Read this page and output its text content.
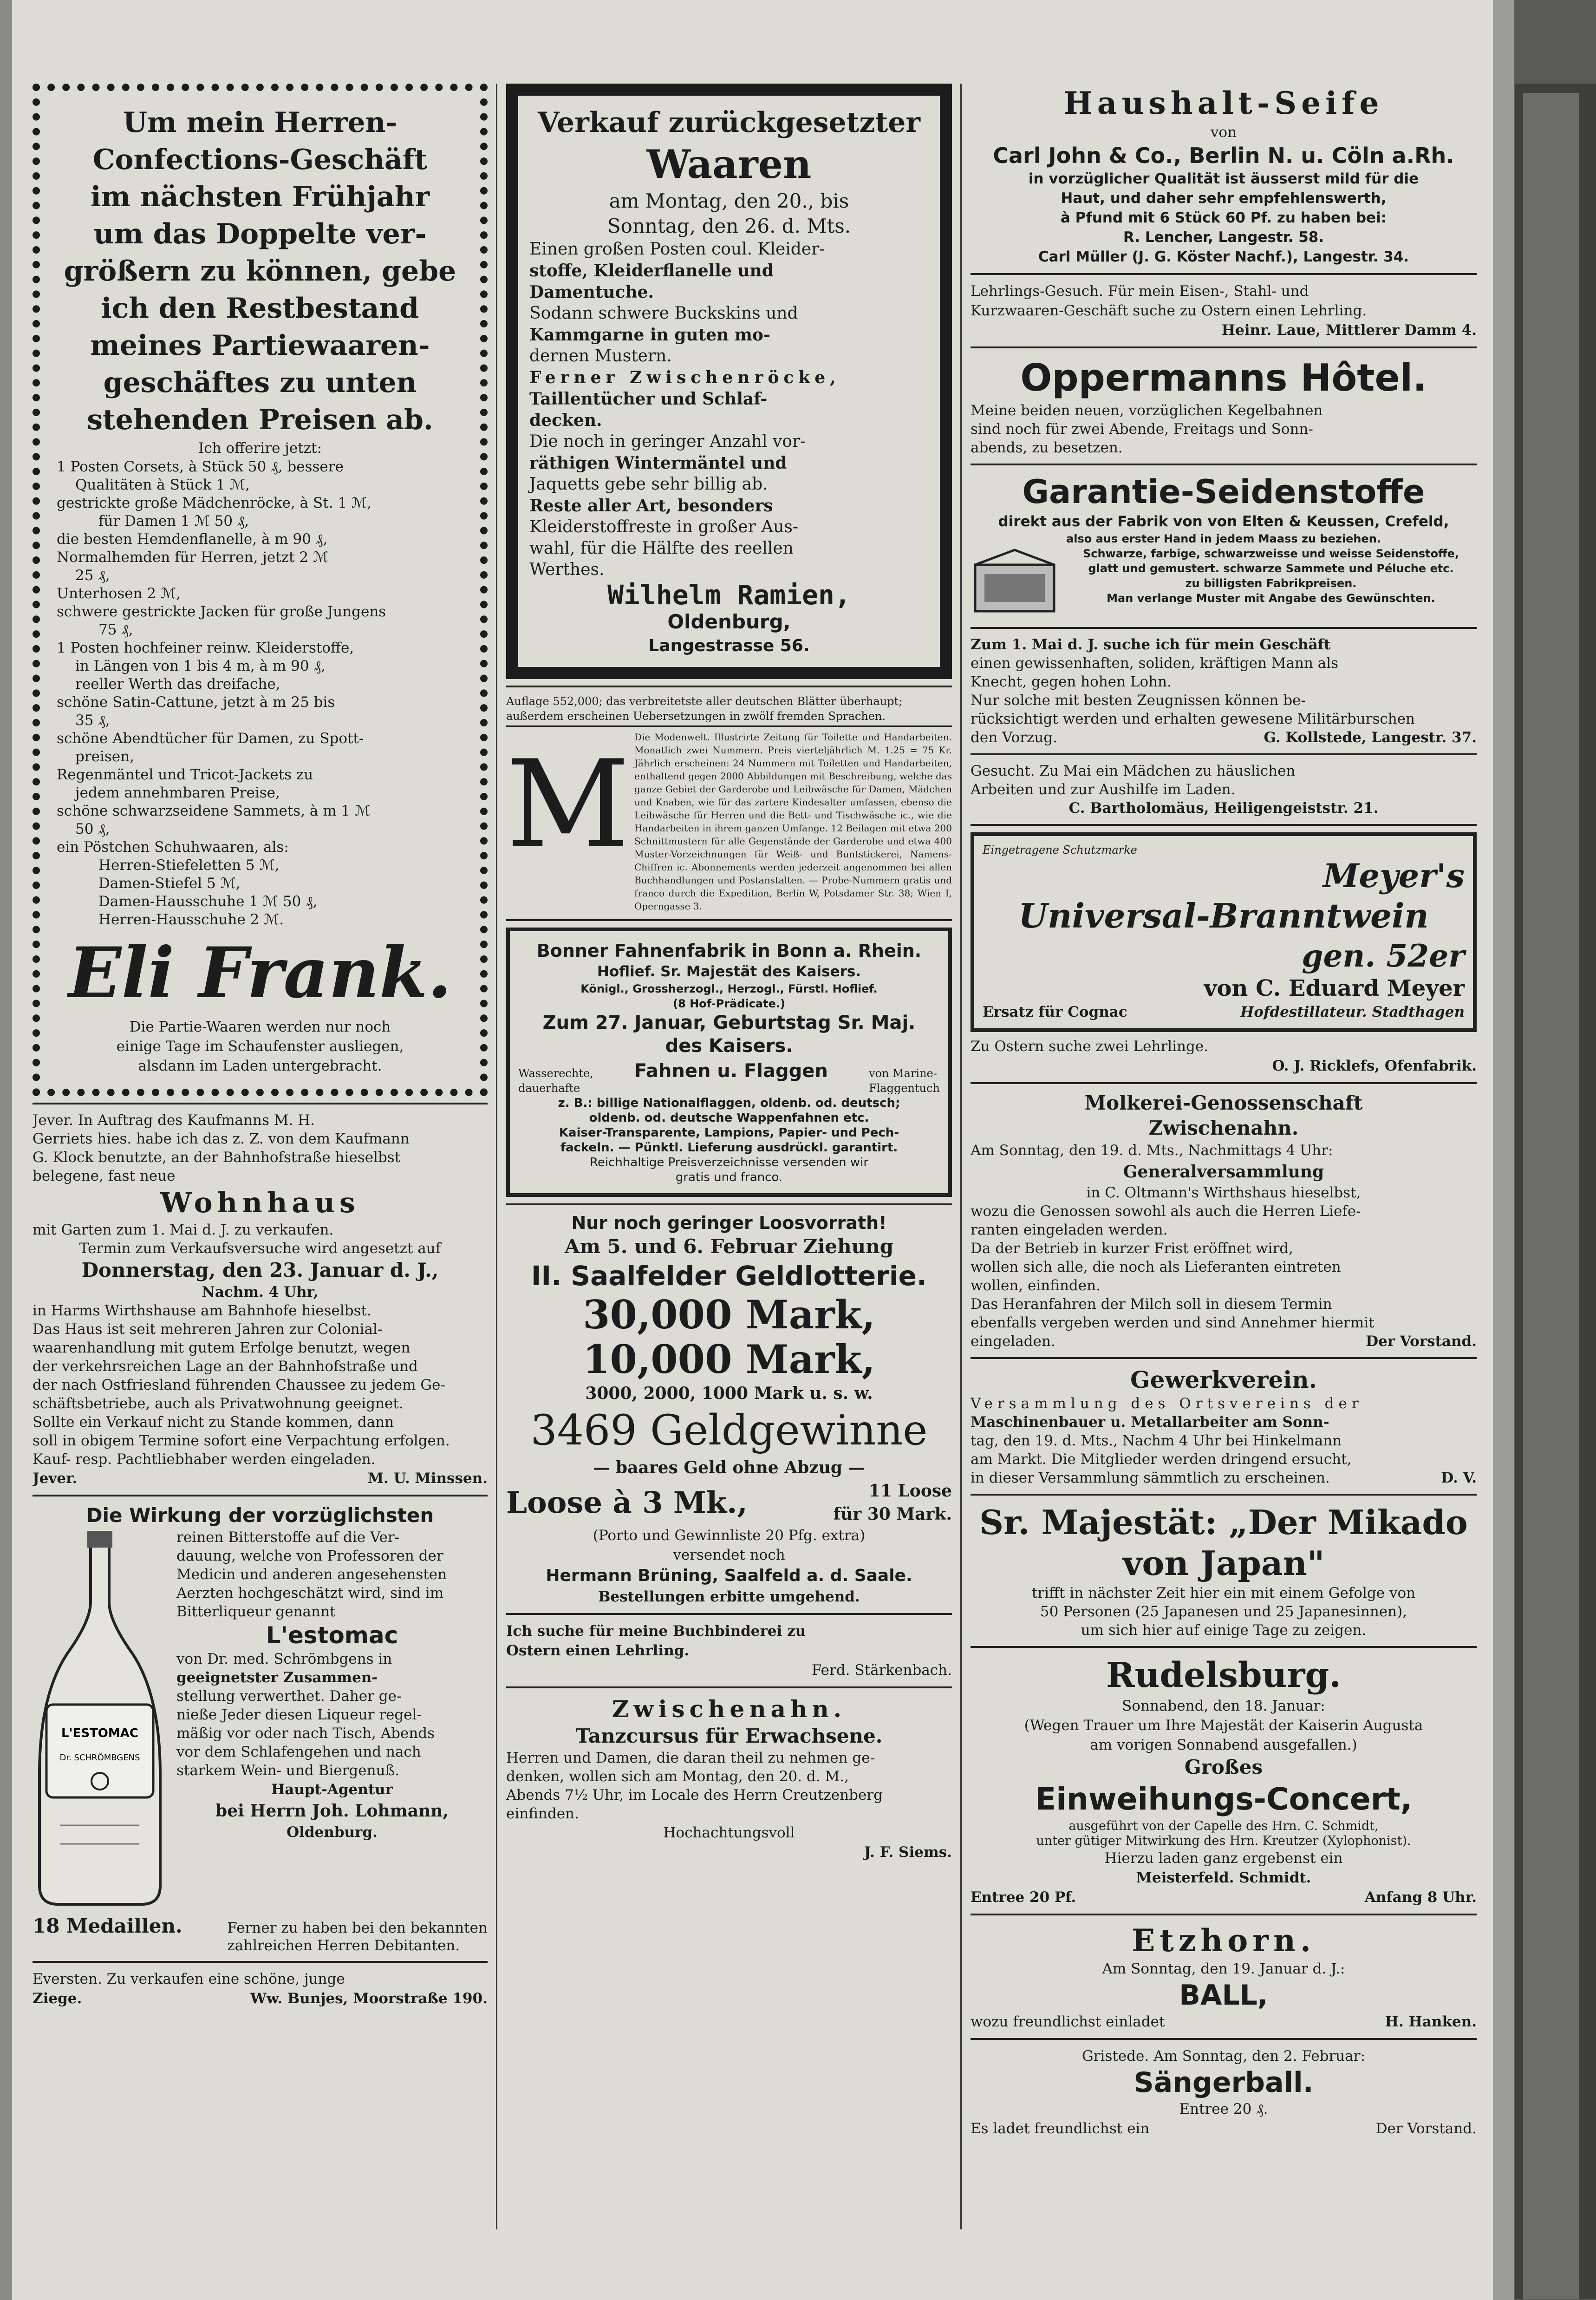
Um mein Herren-
Confections-Geschäft
im nächsten Frühjahr
um das Doppelte ver-
größern zu können, gebe
ich den Restbestand
meines Partiewaaren-
geschäftes zu unten
stehenden Preisen ab.
Ich offerire jetzt:
1 Posten Corsets, à Stück 50 ₰, bessere
Qualitäten à Stück 1 ℳ,
gestrickte große Mädchenröcke, à St. 1 ℳ,
für Damen 1 ℳ 50 ₰,
die besten Hemdenflanelle, à m 90 ₰,
Normalhemden für Herren, jetzt 2 ℳ
25 ₰,
Unterhosen 2 ℳ,
schwere gestrickte Jacken für große Jungens
75 ₰,
1 Posten hochfeiner reinw. Kleiderstoffe,
in Längen von 1 bis 4 m, à m 90 ₰,
reeller Werth das dreifache,
schöne Satin-Cattune, jetzt à m 25 bis
35 ₰,
schöne Abendtücher für Damen, zu Spott-
preisen,
Regenmäntel und Tricot-Jackets zu
jedem annehmbaren Preise,
schöne schwarzseidene Sammets, à m 1 ℳ
50 ₰,
ein Pöstchen Schuhwaaren, als:
Herren-Stiefeletten 5 ℳ,
Damen-Stiefel 5 ℳ,
Damen-Hausschuhe 1 ℳ 50 ₰,
Herren-Hausschuhe 2 ℳ.
Eli Frank.
Die Partie-Waaren werden nur noch
einige Tage im Schaufenster ausliegen,
alsdann im Laden untergebracht.
Jever. In Auftrag des Kaufmanns M. H.
Gerriets hies. habe ich das z. Z. von dem Kaufmann
G. Klock benutzte, an der Bahnhofstraße hieselbst
belegene, fast neue
Wohnhaus
mit Garten zum 1. Mai d. J. zu verkaufen.
Termin zum Verkaufsversuche wird angesetzt auf
Donnerstag, den 23. Januar d. J.,
Nachm. 4 Uhr,
in Harms Wirthshause am Bahnhofe hieselbst.
Das Haus ist seit mehreren Jahren zur Colonial-
waarenhandlung mit gutem Erfolge benutzt, wegen
der verkehrsreichen Lage an der Bahnhofstraße und
der nach Ostfriesland führenden Chaussee zu jedem Ge-
schäftsbetriebe, auch als Privatwohnung geeignet.
Sollte ein Verkauf nicht zu Stande kommen, dann
soll in obigem Termine sofort eine Verpachtung erfolgen.
Kauf- resp. Pachtliebhaber werden eingeladen.
Jever.	M. U. Minssen.
Die Wirkung der vorzüglichsten
L'ESTOMAC
Dr. SCHRÖMBGENS
reinen Bitterstoffe auf die Ver-
dauung, welche von Professoren der
Medicin und anderen angesehensten
Aerzten hochgeschätzt wird, sind im
Bitterliqueur genannt
L'estomac
von Dr. med. Schrömbgens in
geeignetster Zusammen-
stellung verwerthet. Daher ge-
nieße Jeder diesen Liqueur regel-
mäßig vor oder nach Tisch, Abends
vor dem Schlafengehen und nach
starkem Wein- und Biergenuß.
Haupt-Agentur
bei Herrn Joh. Lohmann,
Oldenburg.
18 Medaillen.	Ferner zu haben bei den bekannten
zahlreichen Herren Debitanten.
Eversten. Zu verkaufen eine schöne, junge
Ziege.	Ww. Bunjes, Moorstraße 190.
Verkauf zurückgesetzter
Waaren
am Montag, den 20., bis
Sonntag, den 26. d. Mts.
Einen großen Posten coul. Kleider-
stoffe, Kleiderflanelle und
Damentuche.
Sodann schwere Buckskins und
Kammgarne in guten mo-
dernen Mustern.
Ferner Zwischenröcke,
Taillentücher und Schlaf-
decken.
Die noch in geringer Anzahl vor-
räthigen Wintermäntel und
Jaquetts gebe sehr billig ab.
Reste aller Art, besonders
Kleiderstoffreste in großer Aus-
wahl, für die Hälfte des reellen
Werthes.
Wilhelm Ramien,
Oldenburg,
Langestrasse 56.
Auflage 552,000; das verbreitetste aller deutschen Blätter überhaupt; außerdem erscheinen Uebersetzungen in zwölf fremden Sprachen.
M Die Modenwelt. Illustrirte Zeitung für Toilette und Handarbeiten. Monatlich zwei Nummern. Preis vierteljährlich M. 1.25 = 75 Kr. Jährlich erscheinen: 24 Nummern mit Toiletten und Handarbeiten, enthaltend gegen 2000 Abbildungen mit Beschreibung, welche das ganze Gebiet der Garderobe und Leibwäsche für Damen, Mädchen und Knaben, wie für das zartere Kindesalter umfassen, ebenso die Leibwäsche für Herren und die Bett- und Tischwäsche ic., wie die Handarbeiten in ihrem ganzen Umfange. 12 Beilagen mit etwa 200 Schnittmustern für alle Gegenstände der Garderobe und etwa 400 Muster-Vorzeichnungen für Weiß- und Buntstickerei, Namens-Chiffren ic. Abonnements werden jederzeit angenommen bei allen Buchhandlungen und Postanstalten. — Probe-Nummern gratis und franco durch die Expedition, Berlin W, Potsdamer Str. 38; Wien I, Operngasse 3.
Bonner Fahnenfabrik in Bonn a. Rhein.
Hoflief. Sr. Majestät des Kaisers.
Königl., Grossherzogl., Herzogl., Fürstl. Hoflief.
(8 Hof-Prädicate.)
Zum 27. Januar, Geburtstag Sr. Maj.
des Kaisers.
Wasserechte,
dauerhafte
Fahnen u. Flaggen	von Marine-
Flaggentuch
z. B.: billige Nationalflaggen, oldenb. od. deutsch;
oldenb. od. deutsche Wappenfahnen etc.
Kaiser-Transparente, Lampions, Papier- und Pech-
fackeln. — Pünktl. Lieferung ausdrückl. garantirt.
Reichhaltige Preisverzeichnisse versenden wir
gratis und franco.
Nur noch geringer Loosvorrath!
Am 5. und 6. Februar Ziehung
II. Saalfelder Geldlotterie.
30,000 Mark,
10,000 Mark,
3000, 2000, 1000 Mark u. s. w.
3469 Geldgewinne
— baares Geld ohne Abzug —
Loose à 3 Mk.,	11 Loose
für 30 Mark.
(Porto und Gewinnliste 20 Pfg. extra)
versendet noch
Hermann Brüning, Saalfeld a. d. Saale.
Bestellungen erbitte umgehend.
Ich suche für meine Buchbinderei zu
Ostern einen Lehrling.
Ferd. Stärkenbach.
Zwischenahn.
Tanzcursus für Erwachsene.
Herren und Damen, die daran theil zu nehmen ge-
denken, wollen sich am Montag, den 20. d. M.,
Abends 7½ Uhr, im Locale des Herrn Creutzenberg
einfinden.
Hochachtungsvoll
J. F. Siems.
Haushalt-Seife
von
Carl John & Co., Berlin N. u. Cöln a.Rh.
in vorzüglicher Qualität ist äusserst mild für die
Haut, und daher sehr empfehlenswerth,
à Pfund mit 6 Stück 60 Pf. zu haben bei:
R. Lencher, Langestr. 58.
Carl Müller (J. G. Köster Nachf.), Langestr. 34.
Lehrlings-Gesuch. Für mein Eisen-, Stahl- und
Kurzwaaren-Geschäft suche zu Ostern einen Lehrling.
Heinr. Laue, Mittlerer Damm 4.
Oppermanns Hôtel.
Meine beiden neuen, vorzüglichen Kegelbahnen
sind noch für zwei Abende, Freitags und Sonn-
abends, zu besetzen.
Garantie-Seidenstoffe
direkt aus der Fabrik von von Elten & Keussen, Crefeld,
also aus erster Hand in jedem Maass zu beziehen.
Schwarze, farbige, schwarzweisse und weisse Seidenstoffe,
glatt und gemustert. schwarze Sammete und Péluche etc.
zu billigsten Fabrikpreisen.
Man verlange Muster mit Angabe des Gewünschten.
Zum 1. Mai d. J. suche ich für mein Geschäft
einen gewissenhaften, soliden, kräftigen Mann als
Knecht, gegen hohen Lohn.
Nur solche mit besten Zeugnissen können be-
rücksichtigt werden und erhalten gewesene Militärburschen
den Vorzug.	G. Kollstede, Langestr. 37.
Gesucht. Zu Mai ein Mädchen zu häuslichen
Arbeiten und zur Aushilfe im Laden.
C. Bartholomäus, Heiligengeiststr. 21.
Eingetragene Schutzmarke
Meyer's
Universal-Branntwein
gen. 52er
von C. Eduard Meyer
Ersatz für Cognac	Hofdestillateur. Stadthagen
Zu Ostern suche zwei Lehrlinge.
O. J. Ricklefs, Ofenfabrik.
Molkerei-Genossenschaft
Zwischenahn.
Am Sonntag, den 19. d. Mts., Nachmittags 4 Uhr:
Generalversammlung
in C. Oltmann's Wirthshaus hieselbst,
wozu die Genossen sowohl als auch die Herren Liefe-
ranten eingeladen werden.
Da der Betrieb in kurzer Frist eröffnet wird,
wollen sich alle, die noch als Lieferanten eintreten
wollen, einfinden.
Das Heranfahren der Milch soll in diesem Termin
ebenfalls vergeben werden und sind Annehmer hiermit
eingeladen.	Der Vorstand.
Gewerkverein.
Versammlung des Ortsvereins der
Maschinenbauer u. Metallarbeiter am Sonn-
tag, den 19. d. Mts., Nachm 4 Uhr bei Hinkelmann
am Markt. Die Mitglieder werden dringend ersucht,
in dieser Versammlung sämmtlich zu erscheinen.	D. V.
Sr. Majestät: „Der Mikado
von Japan"
trifft in nächster Zeit hier ein mit einem Gefolge von
50 Personen (25 Japanesen und 25 Japanesinnen),
um sich hier auf einige Tage zu zeigen.
Rudelsburg.
Sonnabend, den 18. Januar:
(Wegen Trauer um Ihre Majestät der Kaiserin Augusta
am vorigen Sonnabend ausgefallen.)
Großes
Einweihungs-Concert,
ausgeführt von der Capelle des Hrn. C. Schmidt,
unter gütiger Mitwirkung des Hrn. Kreutzer (Xylophonist).
Hierzu laden ganz ergebenst ein
Meisterfeld. Schmidt.
Entree 20 Pf.	Anfang 8 Uhr.
Etzhorn.
Am Sonntag, den 19. Januar d. J.:
BALL,
wozu freundlichst einladet	H. Hanken.
Gristede. Am Sonntag, den 2. Februar:
Sängerball.
Entree 20 ₰.
Es ladet freundlichst ein	Der Vorstand.
